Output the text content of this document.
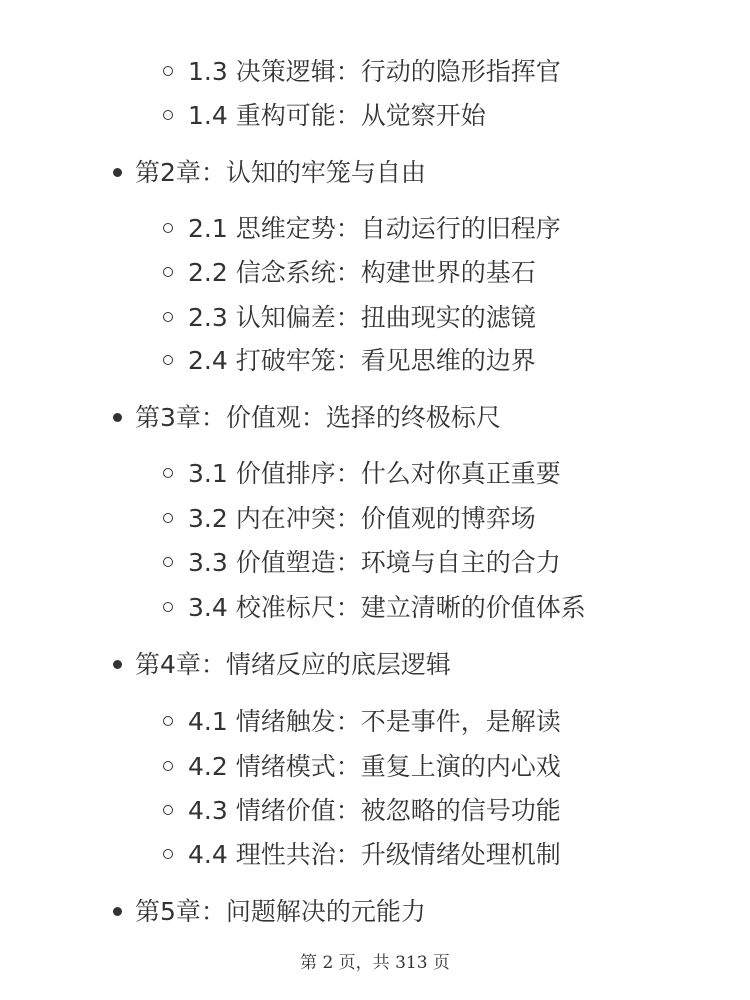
1.3 决策逻辑：行动的隐形指挥官
1.4 重构可能：从觉察开始
第2章：认知的牢笼与自由
2.1 思维定势：自动运行的旧程序
2.2 信念系统：构建世界的基石
2.3 认知偏差：扭曲现实的滤镜
2.4 打破牢笼：看见思维的边界
第3章：价值观：选择的终极标尺
3.1 价值排序：什么对你真正重要
3.2 内在冲突：价值观的博弈场
3.3 价值塑造：环境与自主的合力
3.4 校准标尺：建立清晰的价值体系
第4章：情绪反应的底层逻辑
4.1 情绪触发：不是事件，是解读
4.2 情绪模式：重复上演的内心戏
4.3 情绪价值：被忽略的信号功能
4.4 理性共治：升级情绪处理机制
第5章：问题解决的元能力
第 2 页，共 313 页
